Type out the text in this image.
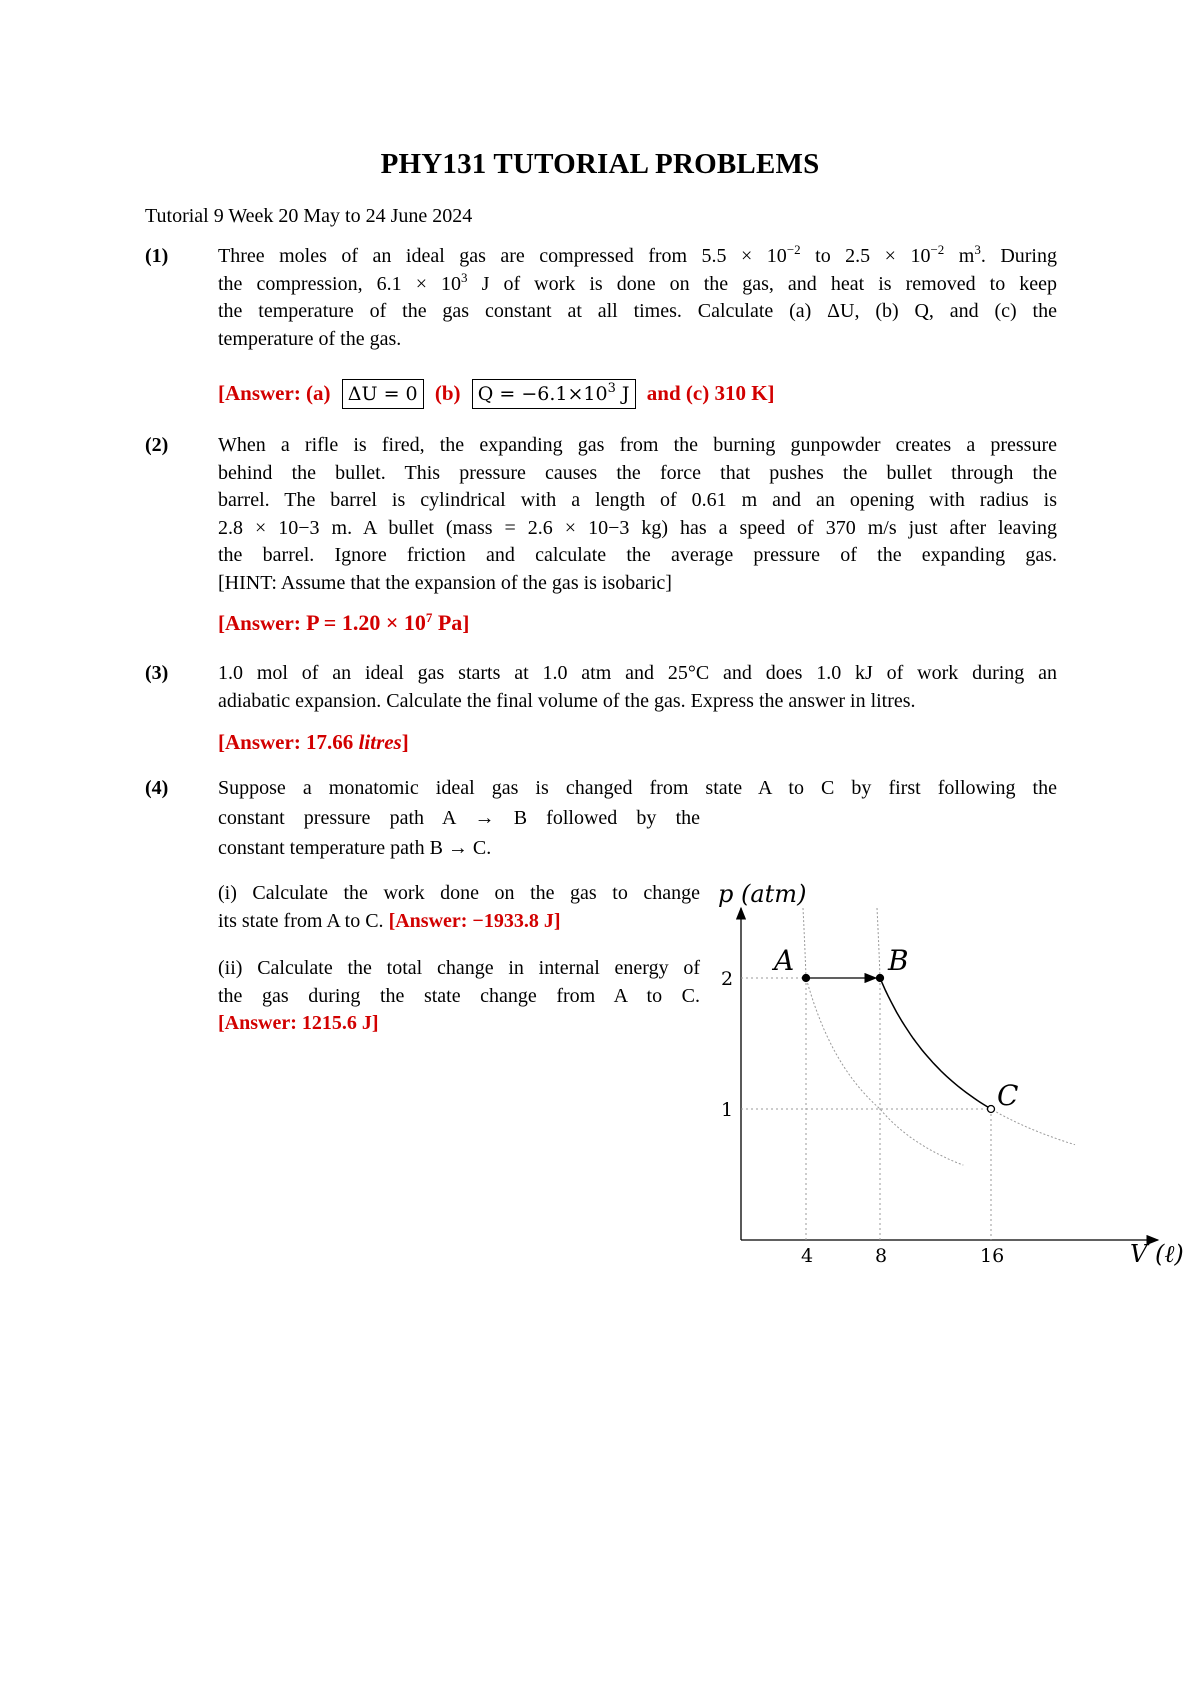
PHY131 TUTORIAL PROBLEMS
Tutorial 9 Week 20 May to 24 June 2024
(1) Three moles of an ideal gas are compressed from $5.5 \times 10^{-2}$ to $2.5 \times 10^{-2}$ $m^3$. During
the compression, $6.1 \times 10^3$ J of work is done on the gas, and heat is removed to keep
the temperature of the gas constant at all times. Calculate (a) ΔU, (b) Q, and (c) the
temperature of the gas.
[Answer: (a) ΔU = 0 (b) $Q = -6.1\times 10^3$ J and (c) 310 K]
(2) When a rifle is fired, the expanding gas from the burning gunpowder creates a pressure
behind the bullet. This pressure causes the force that pushes the bullet through the
barrel. The barrel is cylindrical with a length of 0.61 m and an opening with radius is
2.8 × 10−3 m. A bullet (mass = 2.6 × 10−3 kg) has a speed of 370 m/s just after leaving
the barrel. Ignore friction and calculate the average pressure of the expanding gas.
[HINT: Assume that the expansion of the gas is isobaric]
[Answer: $P = 1.20 \times 10^7$ Pa]
(3) 1.0 mol of an ideal gas starts at 1.0 atm and 25°C and does 1.0 kJ of work during an
adiabatic expansion. Calculate the final volume of the gas. Express the answer in litres.
[Answer: 17.66 litres]
(4) Suppose a monatomic ideal gas is changed from state A to C by first following the
constant pressure path A → B followed by the
constant temperature path B → C.
(i) Calculate the work done on the gas to change
its state from A to C. [Answer: −1933.8 J]
(ii) Calculate the total change in internal energy of
the gas during the state change from A to C.
[Answer: 1215.6 J]
p (atm)
V (ℓ)
A	B
C
4	8	16
1
2
